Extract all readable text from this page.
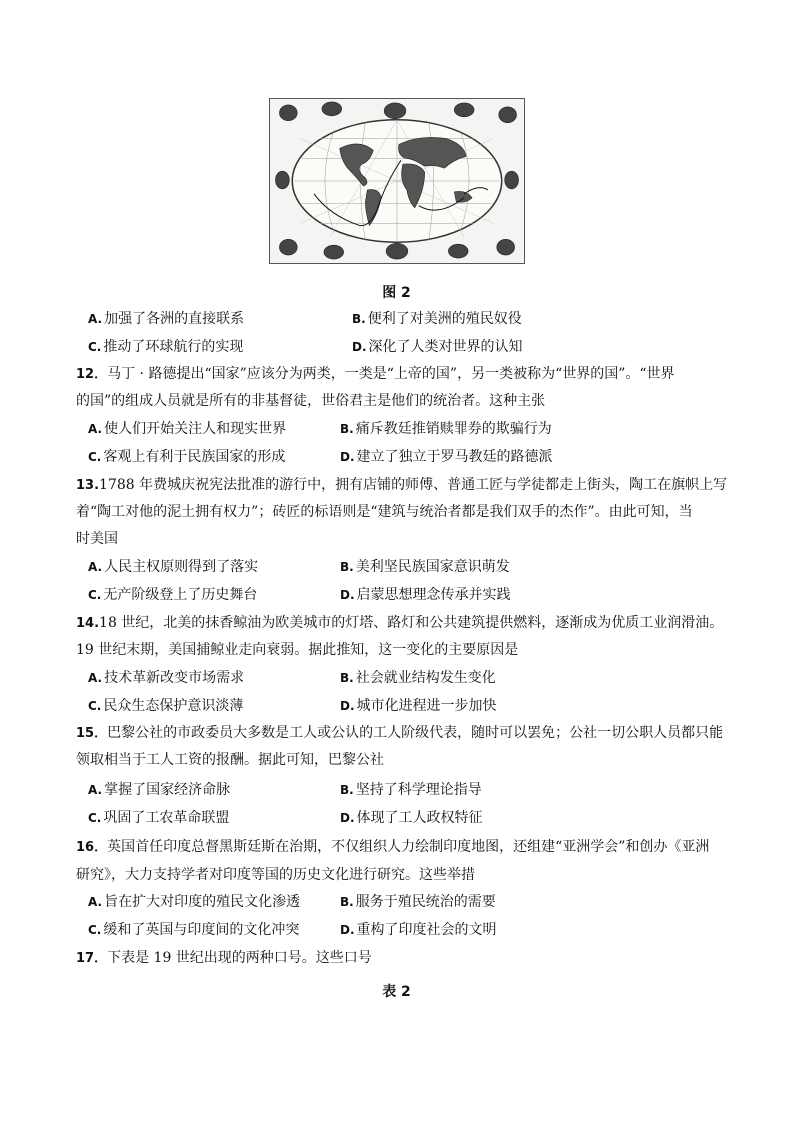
图 2
A. 加强了各洲的直接联系	B. 便利了对美洲的殖民奴役
C. 推动了环球航行的实现	D. 深化了人类对世界的认知
12．马丁 · 路德提出“国家”应该分为两类，一类是“上帝的国”，另一类被称为“世界的国”。“世界
的国”的组成人员就是所有的非基督徒，世俗君主是他们的统治者。这种主张
A. 使人们开始关注人和现实世界	B. 痛斥教廷推销赎罪券的欺骗行为
C. 客观上有利于民族国家的形成	D. 建立了独立于罗马教廷的路德派
13.1788 年费城庆祝宪法批准的游行中，拥有店铺的师傅、普通工匠与学徒都走上街头，陶工在旗帜上写
着“陶工对他的泥土拥有权力”；砖匠的标语则是“建筑与统治者都是我们双手的杰作”。由此可知，当
时美国
A. 人民主权原则得到了落实	B. 美利坚民族国家意识萌发
C. 无产阶级登上了历史舞台	D. 启蒙思想理念传承并实践
14.18 世纪，北美的抹香鲸油为欧美城市的灯塔、路灯和公共建筑提供燃料，逐渐成为优质工业润滑油。
19 世纪末期，美国捕鲸业走向衰弱。据此推知，这一变化的主要原因是
A. 技术革新改变市场需求	B. 社会就业结构发生变化
C. 民众生态保护意识淡薄	D. 城市化进程进一步加快
15．巴黎公社的市政委员大多数是工人或公认的工人阶级代表，随时可以罢免；公社一切公职人员都只能
领取相当于工人工资的报酬。据此可知，巴黎公社
A. 掌握了国家经济命脉	B. 坚持了科学理论指导
C. 巩固了工农革命联盟	D. 体现了工人政权特征
16．英国首任印度总督黑斯廷斯在治期，不仅组织人力绘制印度地图，还组建“亚洲学会”和创办《亚洲
研究》，大力支持学者对印度等国的历史文化进行研究。这些举措
A. 旨在扩大对印度的殖民文化渗透	B. 服务于殖民统治的需要
C. 缓和了英国与印度间的文化冲突	D. 重构了印度社会的文明
17．下表是 19 世纪出现的两种口号。这些口号
表 2
